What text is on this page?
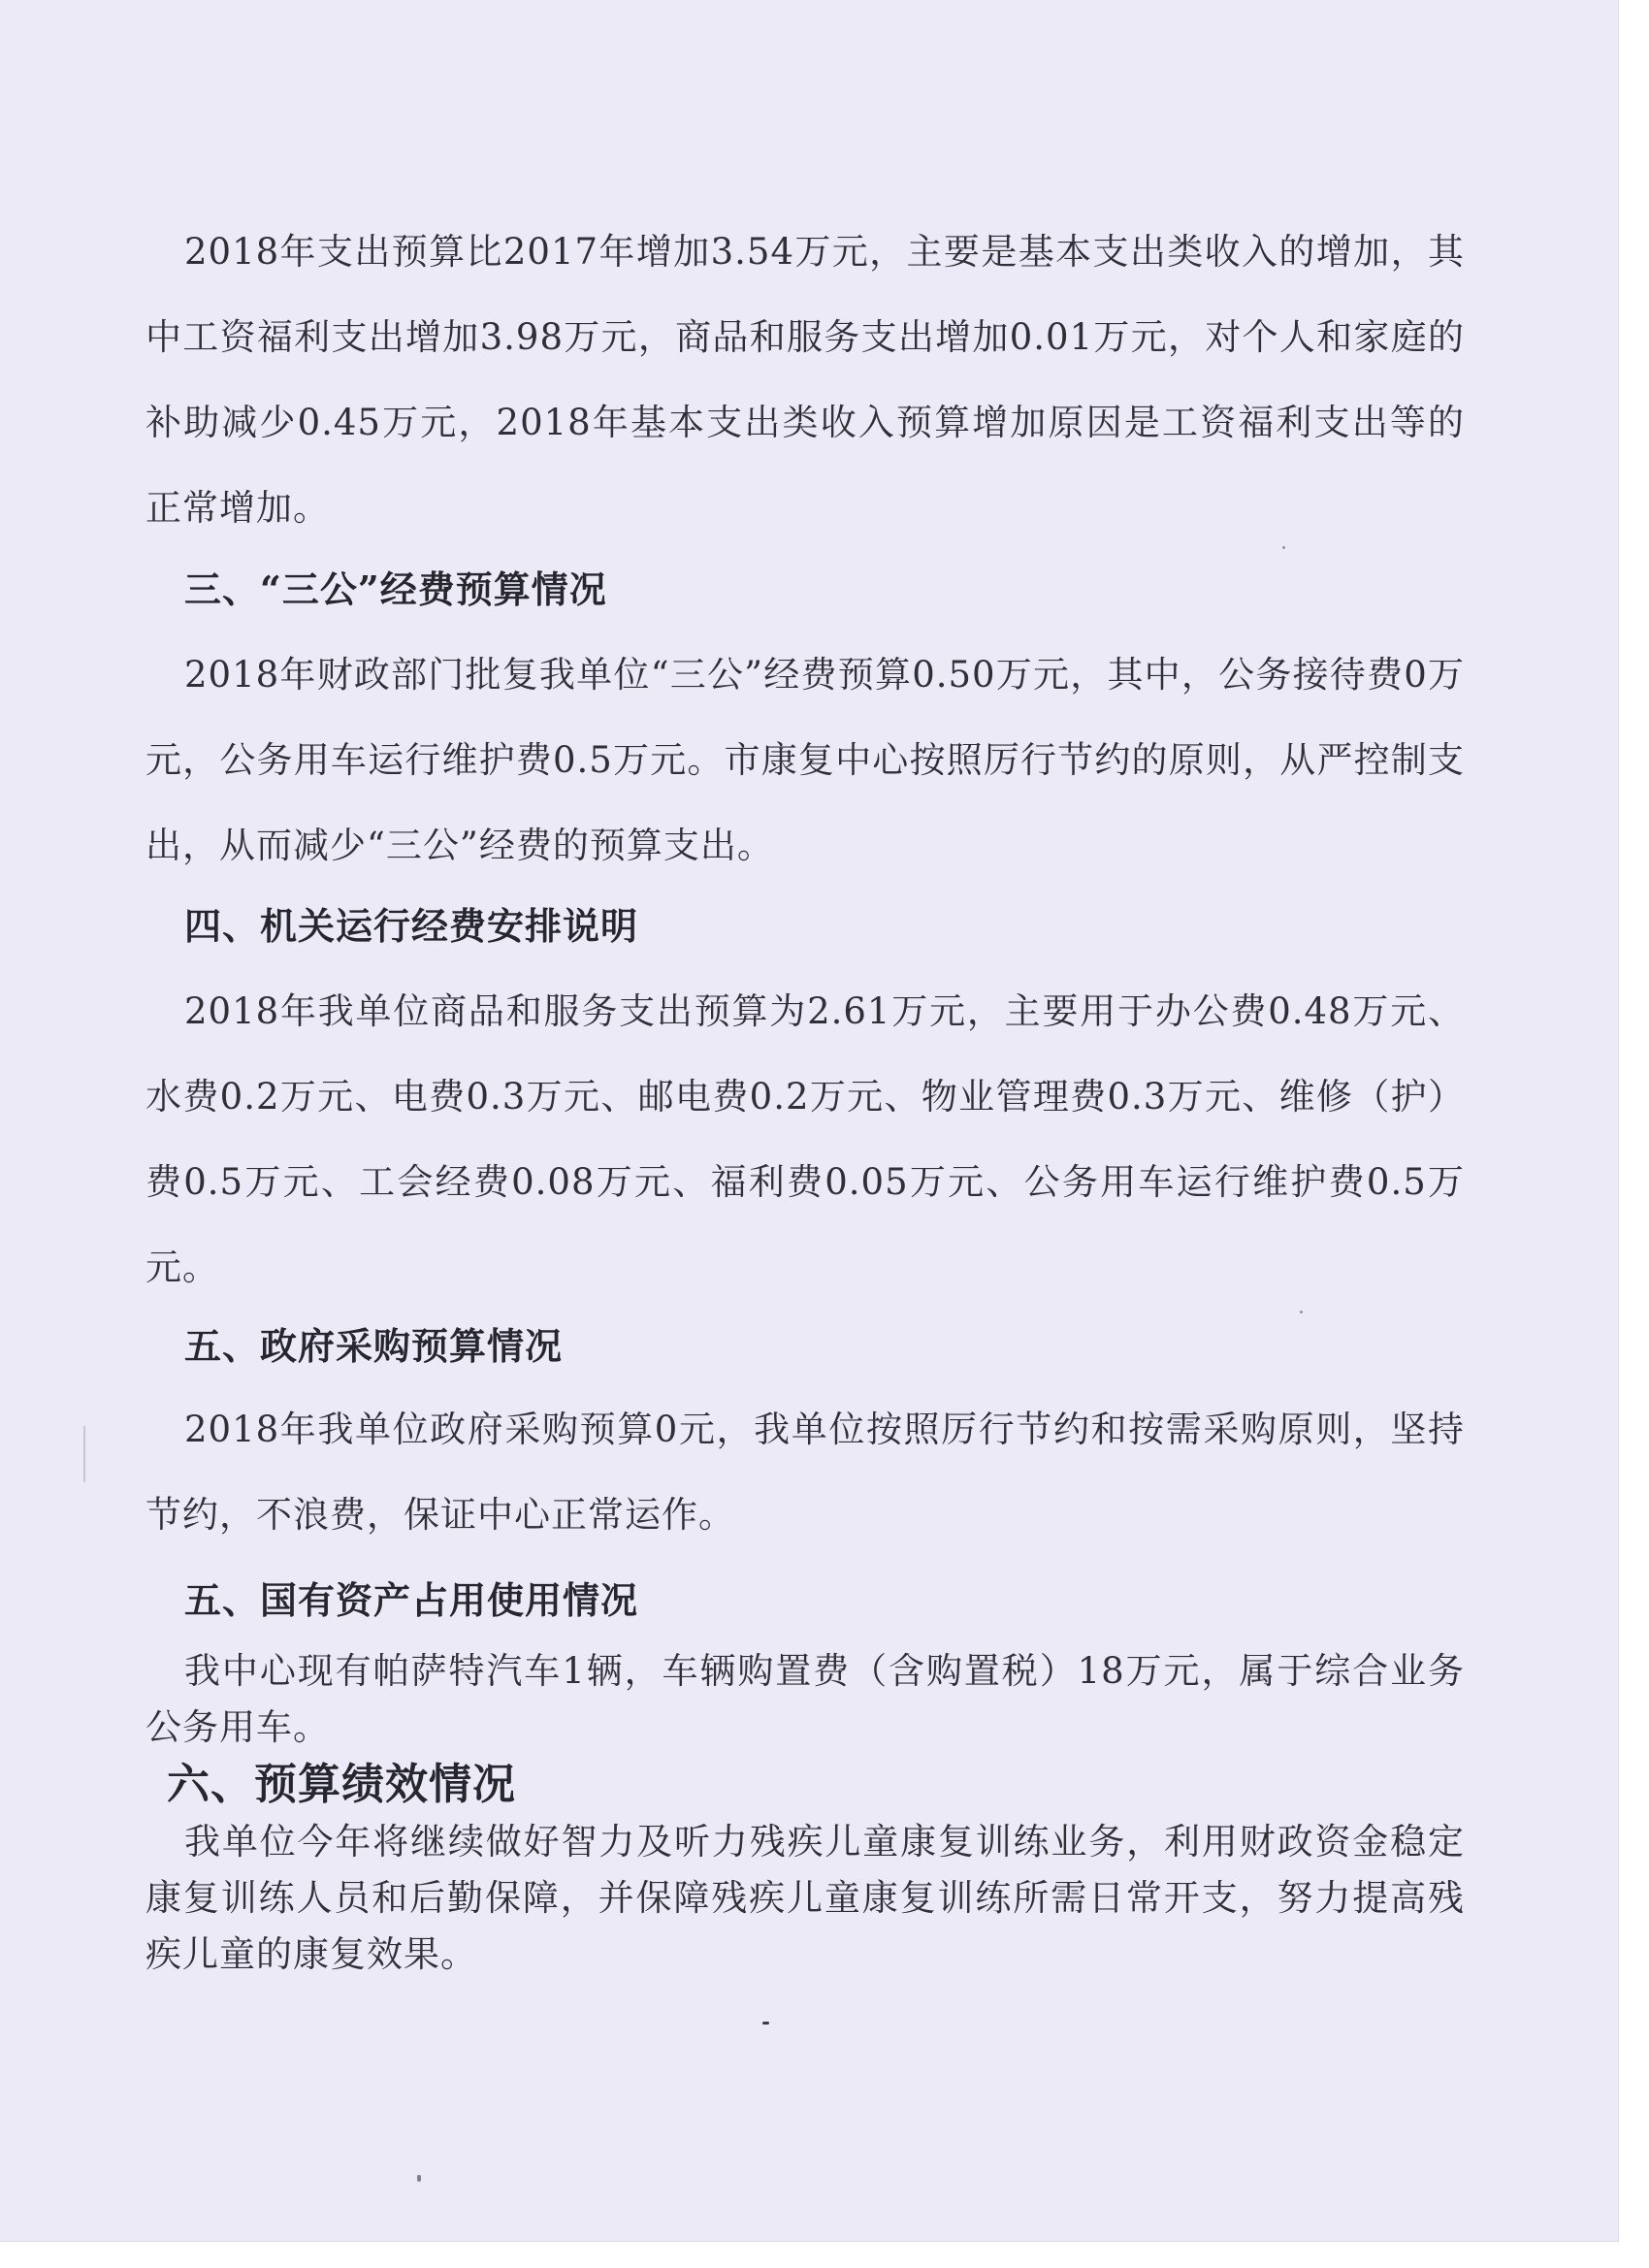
2018年支出预算比2017年增加3.54万元，主要是基本支出类收入的增加，其中工资福利支出增加3.98万元，商品和服务支出增加0.01万元，对个人和家庭的补助减少0.45万元，2018年基本支出类收入预算增加原因是工资福利支出等的正常增加。

三、“三公”经费预算情况

2018年财政部门批复我单位“三公”经费预算0.50万元，其中，公务接待费0万元，公务用车运行维护费0.5万元。市康复中心按照厉行节约的原则，从严控制支出，从而减少“三公”经费的预算支出。

四、机关运行经费安排说明

2018年我单位商品和服务支出预算为2.61万元，主要用于办公费0.48万元、水费0.2万元、电费0.3万元、邮电费0.2万元、物业管理费0.3万元、维修（护）费0.5万元、工会经费0.08万元、福利费0.05万元、公务用车运行维护费0.5万元。

五、政府采购预算情况

2018年我单位政府采购预算0元，我单位按照厉行节约和按需采购原则，坚持节约，不浪费，保证中心正常运作。

五、国有资产占用使用情况

我中心现有帕萨特汽车1辆，车辆购置费（含购置税）18万元，属于综合业务公务用车。

六、预算绩效情况

我单位今年将继续做好智力及听力残疾儿童康复训练业务，利用财政资金稳定康复训练人员和后勤保障，并保障残疾儿童康复训练所需日常开支，努力提高残疾儿童的康复效果。
